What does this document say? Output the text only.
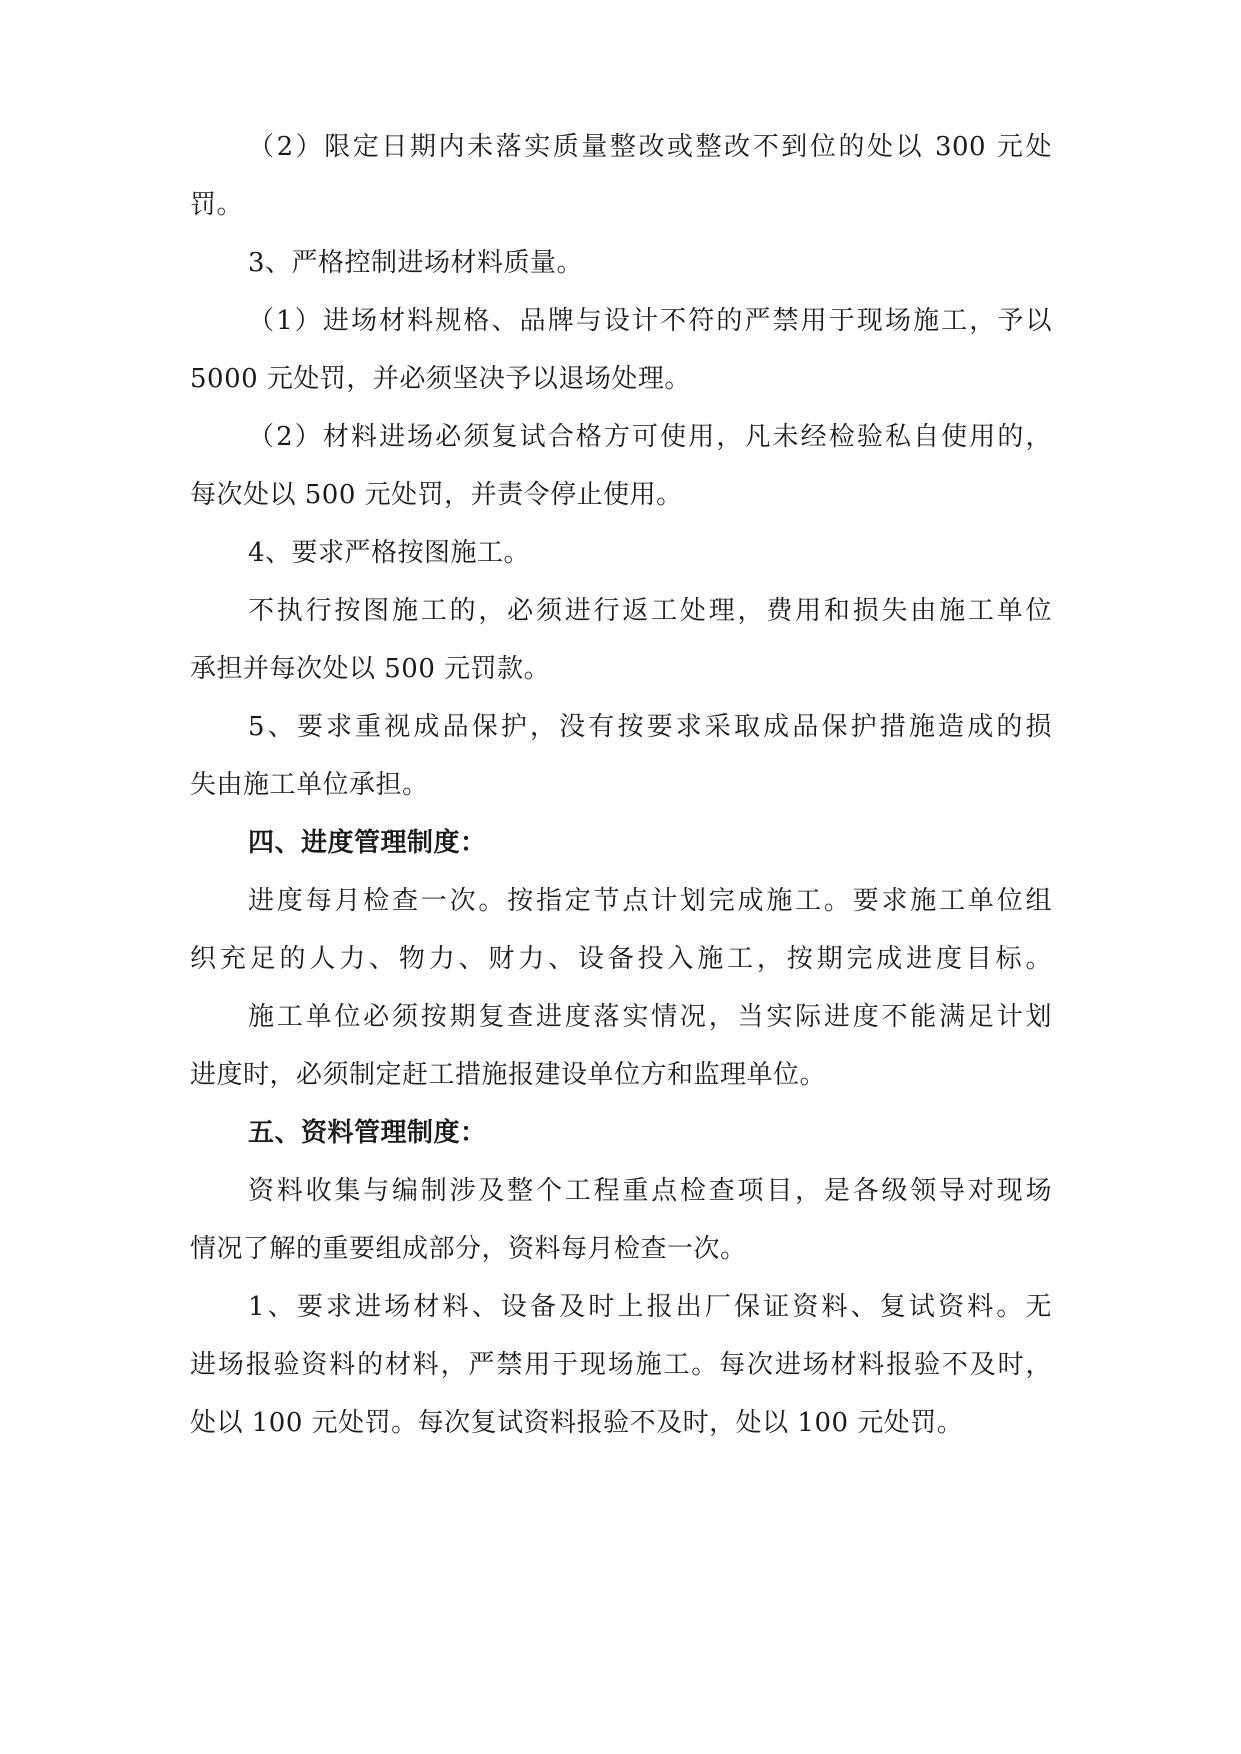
（2）限定日期内未落实质量整改或整改不到位的处以 300 元处
罚。
3、严格控制进场材料质量。
（1）进场材料规格、品牌与设计不符的严禁用于现场施工，予以
5000 元处罚，并必须坚决予以退场处理。
（2）材料进场必须复试合格方可使用，凡未经检验私自使用的，
每次处以 500 元处罚，并责令停止使用。
4、要求严格按图施工。
不执行按图施工的，必须进行返工处理，费用和损失由施工单位
承担并每次处以 500 元罚款。
5、要求重视成品保护，没有按要求采取成品保护措施造成的损
失由施工单位承担。
四、进度管理制度：
进度每月检查一次。按指定节点计划完成施工。要求施工单位组
织充足的人力、物力、财力、设备投入施工，按期完成进度目标。
施工单位必须按期复查进度落实情况，当实际进度不能满足计划
进度时，必须制定赶工措施报建设单位方和监理单位。
五、资料管理制度：
资料收集与编制涉及整个工程重点检查项目，是各级领导对现场
情况了解的重要组成部分，资料每月检查一次。
1、要求进场材料、设备及时上报出厂保证资料、复试资料。无
进场报验资料的材料，严禁用于现场施工。每次进场材料报验不及时，
处以 100 元处罚。每次复试资料报验不及时，处以 100 元处罚。
